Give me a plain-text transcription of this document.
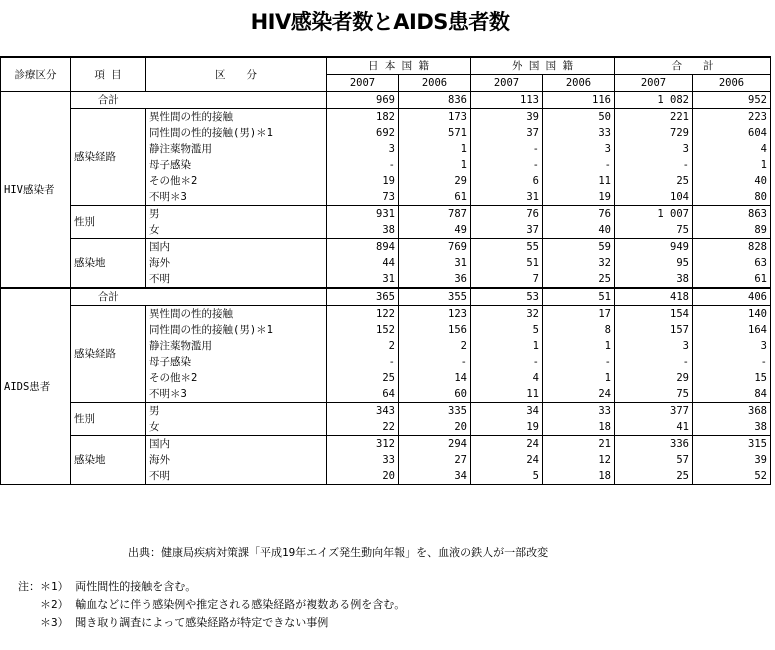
HIV感染者数とAIDS患者数
診療区分	項 目	区　　分	日 本 国 籍		外 国 国 籍		合　　計	
			2007	2006	2007	2006	2007	2006
HIV感染者	合計		969	836	113	116	1 082	952
	感染経路	異性間の性的接触	182	173	39	50	221	223
		同性間の性的接触(男)＊1	692	571	37	33	729	604
		静注薬物濫用	3	1	-	3	3	4
		母子感染	-	1	-	-	-	1
		その他＊2	19	29	6	11	25	40
		不明＊3	73	61	31	19	104	80
	性別	男	931	787	76	76	1 007	863
		女	38	49	37	40	75	89
	感染地	国内	894	769	55	59	949	828
		海外	44	31	51	32	95	63
		不明	31	36	7	25	38	61
AIDS患者	合計		365	355	53	51	418	406
	感染経路	異性間の性的接触	122	123	32	17	154	140
		同性間の性的接触(男)＊1	152	156	5	8	157	164
		静注薬物濫用	2	2	1	1	3	3
		母子感染	-	-	-	-	-	-
		その他＊2	25	14	4	1	29	15
		不明＊3	64	60	11	24	75	84
	性別	男	343	335	34	33	377	368
		女	22	20	19	18	41	38
	感染地	国内	312	294	24	21	336	315
		海外	33	27	24	12	57	39
		不明	20	34	5	18	25	52
出典：健康局疾病対策課「平成19年エイズ発生動向年報」を、血液の鉄人が一部改変
注：＊1） 両性間性的接触を含む。
　　＊2） 輸血などに伴う感染例や推定される感染経路が複数ある例を含む。
　　＊3） 聞き取り調査によって感染経路が特定できない事例
